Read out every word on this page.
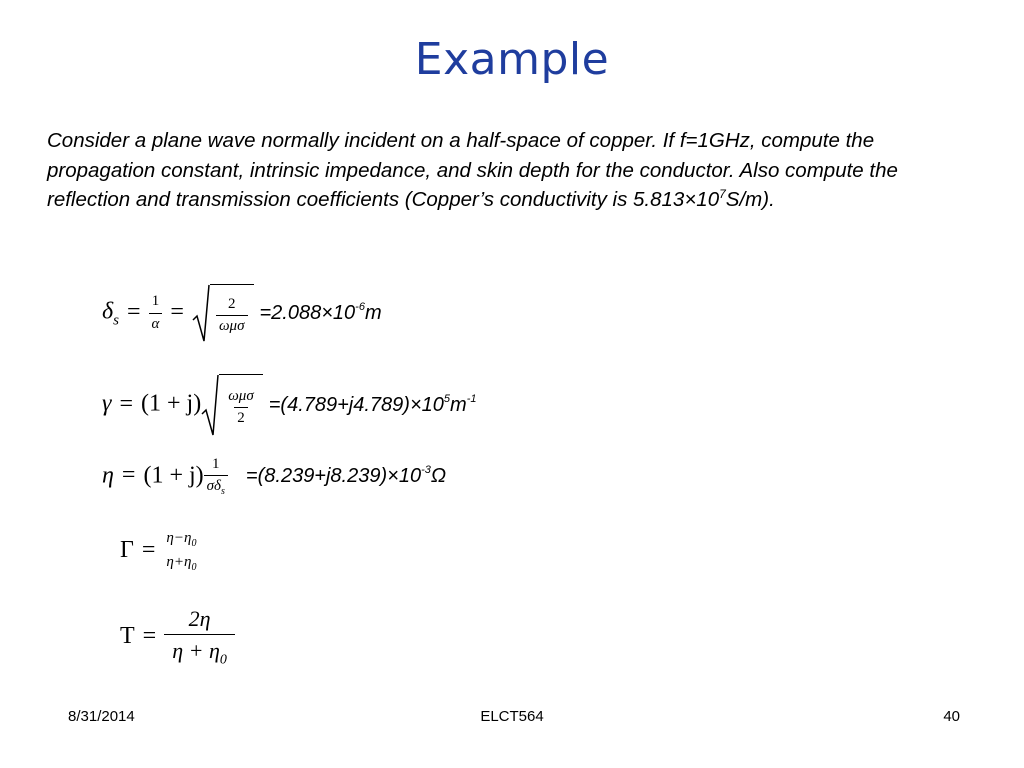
Example
Consider a plane wave normally incident on a half-space of copper. If f=1GHz, compute the propagation constant, intrinsic impedance, and skin depth for the conductor. Also compute the reflection and transmission coefficients (Copper’s conductivity is $5.813\times 10^7S/m$).
$\delta_s = \frac{1}{\alpha} = \frac{2}{\text{ωμσ}} =2.088\times 10^{-6}m$
$\gamma = (1 + j) \frac{\text{ωμσ}}{2} =(4.789+j4.789)\times 10^5m^{-1}$
$\eta = (1 + j) \frac{1}{\sigma\delta_s} =(8.239+j8.239)\times 10^{-3}\Omega$
$\Gamma = \eta-\eta_0$
$\eta+\eta_0$
$T = \frac{2\eta}{\eta + \eta_0}$
8/31/2014	ELCT564	40
